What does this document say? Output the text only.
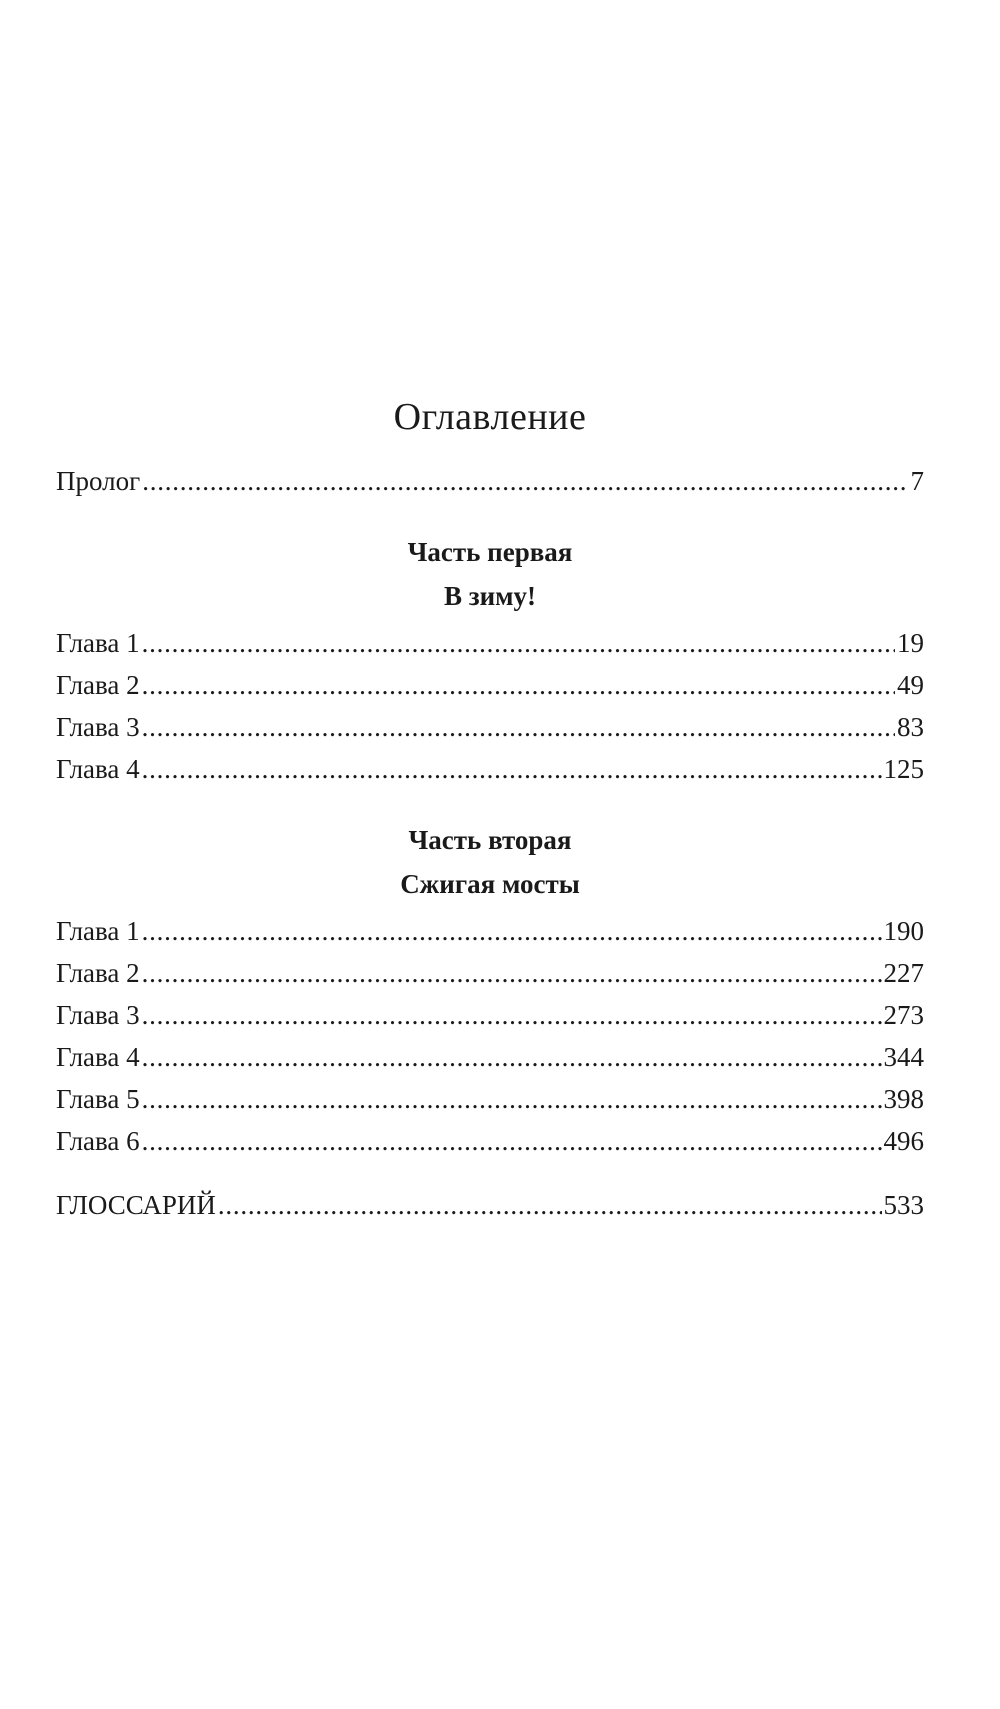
Оглавление
Пролог . . .	7
Часть первая
В зиму!
Глава 1 . . .	19
Глава 2 . . .	49
Глава 3 . . .	83
Глава 4 . . .	125
Часть вторая
Сжигая мосты
Глава 1 . . .	190
Глава 2 . . .	227
Глава 3 . . .	273
Глава 4 . . .	344
Глава 5 . . .	398
Глава 6 . . .	496
ГЛОССАРИЙ . . .	533
